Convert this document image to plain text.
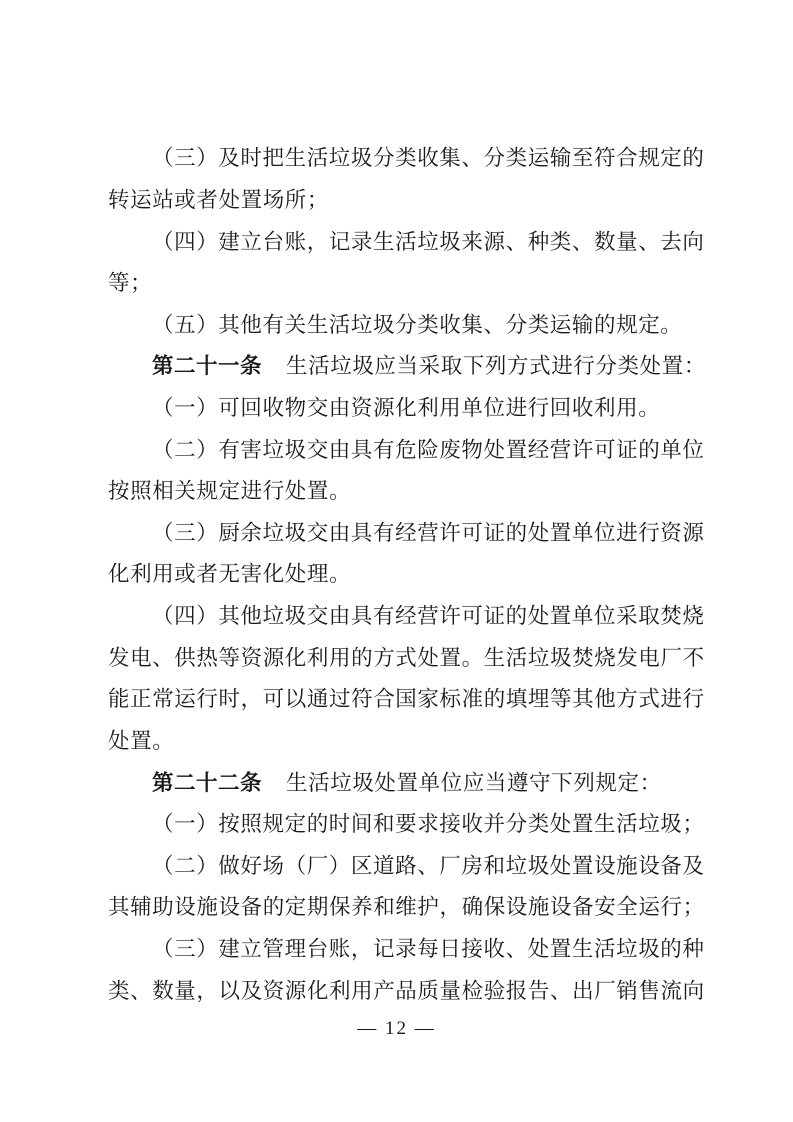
（三）及时把生活垃圾分类收集、分类运输至符合规定的
转运站或者处置场所；
（四）建立台账，记录生活垃圾来源、种类、数量、去向
等；
（五）其他有关生活垃圾分类收集、分类运输的规定。
第二十一条 生活垃圾应当采取下列方式进行分类处置：
（一）可回收物交由资源化利用单位进行回收利用。
（二）有害垃圾交由具有危险废物处置经营许可证的单位
按照相关规定进行处置。
（三）厨余垃圾交由具有经营许可证的处置单位进行资源
化利用或者无害化处理。
（四）其他垃圾交由具有经营许可证的处置单位采取焚烧
发电、供热等资源化利用的方式处置。生活垃圾焚烧发电厂不
能正常运行时，可以通过符合国家标准的填埋等其他方式进行
处置。
第二十二条 生活垃圾处置单位应当遵守下列规定：
（一）按照规定的时间和要求接收并分类处置生活垃圾；
（二）做好场（厂）区道路、厂房和垃圾处置设施设备及
其辅助设施设备的定期保养和维护，确保设施设备安全运行；
（三）建立管理台账，记录每日接收、处置生活垃圾的种
类、数量，以及资源化利用产品质量检验报告、出厂销售流向
— 12 —
